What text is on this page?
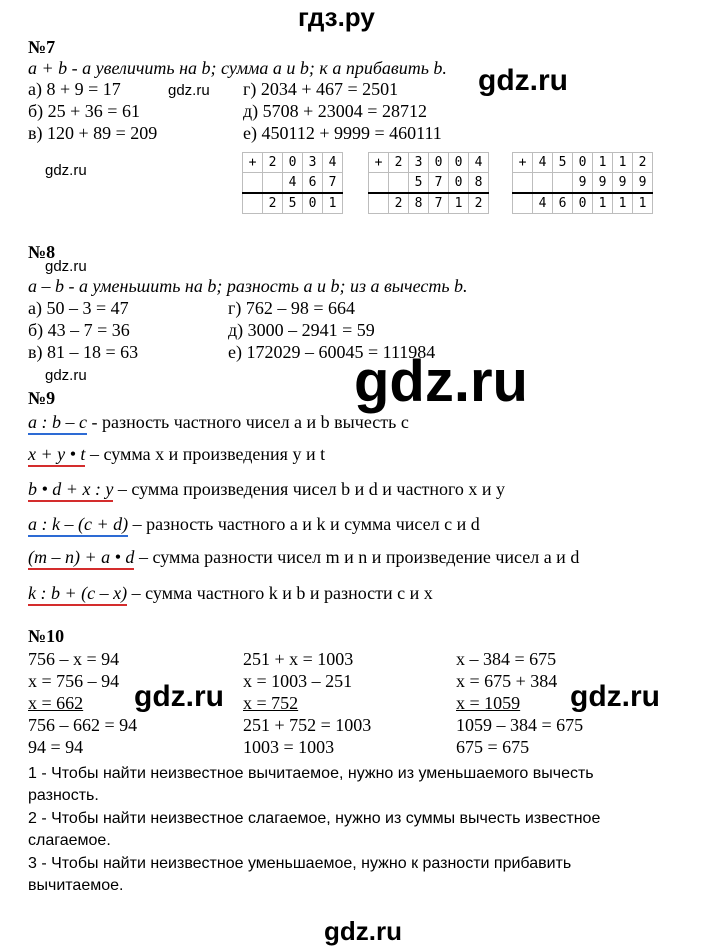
гдз.ру
№7
a + b - a увеличить на b; сумма a и b; к a прибавить b.
а) 8 + 9 = 17
б) 25 + 36 = 61
в) 120 + 89 = 209
г) 2034 + 467 = 2501
д) 5708 + 23004 = 28712
е) 450112 + 9999 = 460111
gdz.ru	gdz.ru
gdz.ru	+	2	0	3	4
		4	6	7
	2	5	0	1
+	2	3	0	0	4
		5	7	0	8
	2	8	7	1	2
+	4	5	0	1	1	2
			9	9	9	9
	4	6	0	1	1	1
№8
gdz.ru
a – b - a уменьшить на b; разность a и b; из a вычесть b.
а) 50 – 3 = 47
б) 43 – 7 = 36
в) 81 – 18 = 63
г) 762 – 98 = 664
д) 3000 – 2941 = 59
е) 172029 – 60045 = 111984
gdz.ru	gdz.ru
№9
a : b – c - разность частного чисел a и b вычесть c
x + y • t – сумма x и произведения y и t
b • d + x : y – сумма произведения чисел b и d и частного x и y
a : k – (c + d) – разность частного a и k и сумма чисел c и d
(m – n) + a • d – сумма разности чисел m и n и произведение чисел a и d
k : b + (c – x) – сумма частного k и b и разности c и x
№10
756 – x = 94
x = 756 – 94
x = 662
756 – 662 = 94
94 = 94
251 + x = 1003
x = 1003 – 251
x = 752
251 + 752 = 1003
1003 = 1003
x – 384 = 675
x = 675 + 384
x = 1059
1059 – 384 = 675
675 = 675
gdz.ru	gdz.ru
1 - Чтобы найти неизвестное вычитаемое, нужно из уменьшаемого вычесть
разность.
2 - Чтобы найти неизвестное слагаемое, нужно из суммы вычесть известное
слагаемое.
3 - Чтобы найти неизвестное уменьшаемое, нужно к разности прибавить
вычитаемое.
gdz.ru
